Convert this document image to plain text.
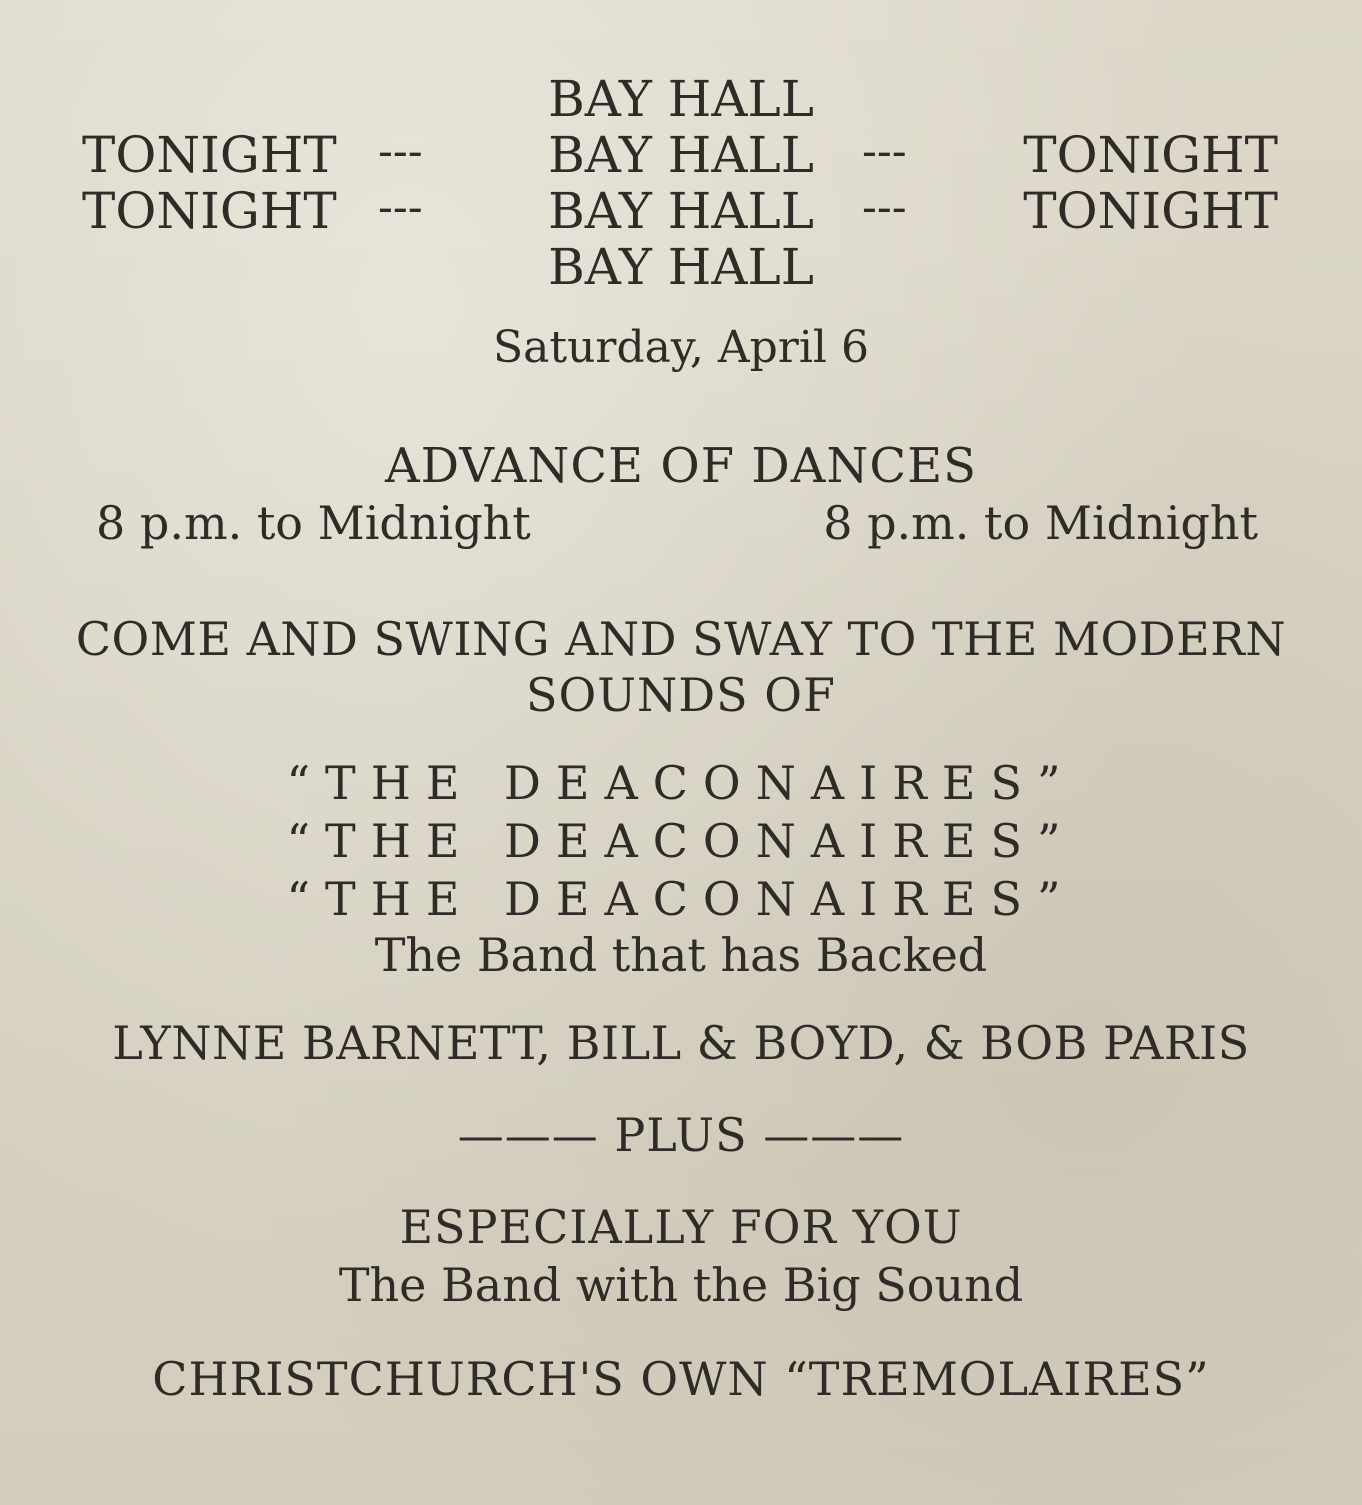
BAY HALL
TONIGHT ---	BAY HALL	--- TONIGHT
TONIGHT ---	BAY HALL	--- TONIGHT
BAY HALL
Saturday, April 6
ADVANCE OF DANCES
8 p.m. to Midnight	8 p.m. to Midnight
COME AND SWING AND SWAY TO THE MODERN
SOUNDS OF
“THE DEACONAIRES”
“THE DEACONAIRES”
“THE DEACONAIRES”
The Band that has Backed
LYNNE BARNETT, BILL & BOYD, & BOB PARIS
——— PLUS ———
ESPECIALLY FOR YOU
The Band with the Big Sound
CHRISTCHURCH'S OWN “TREMOLAIRES”
